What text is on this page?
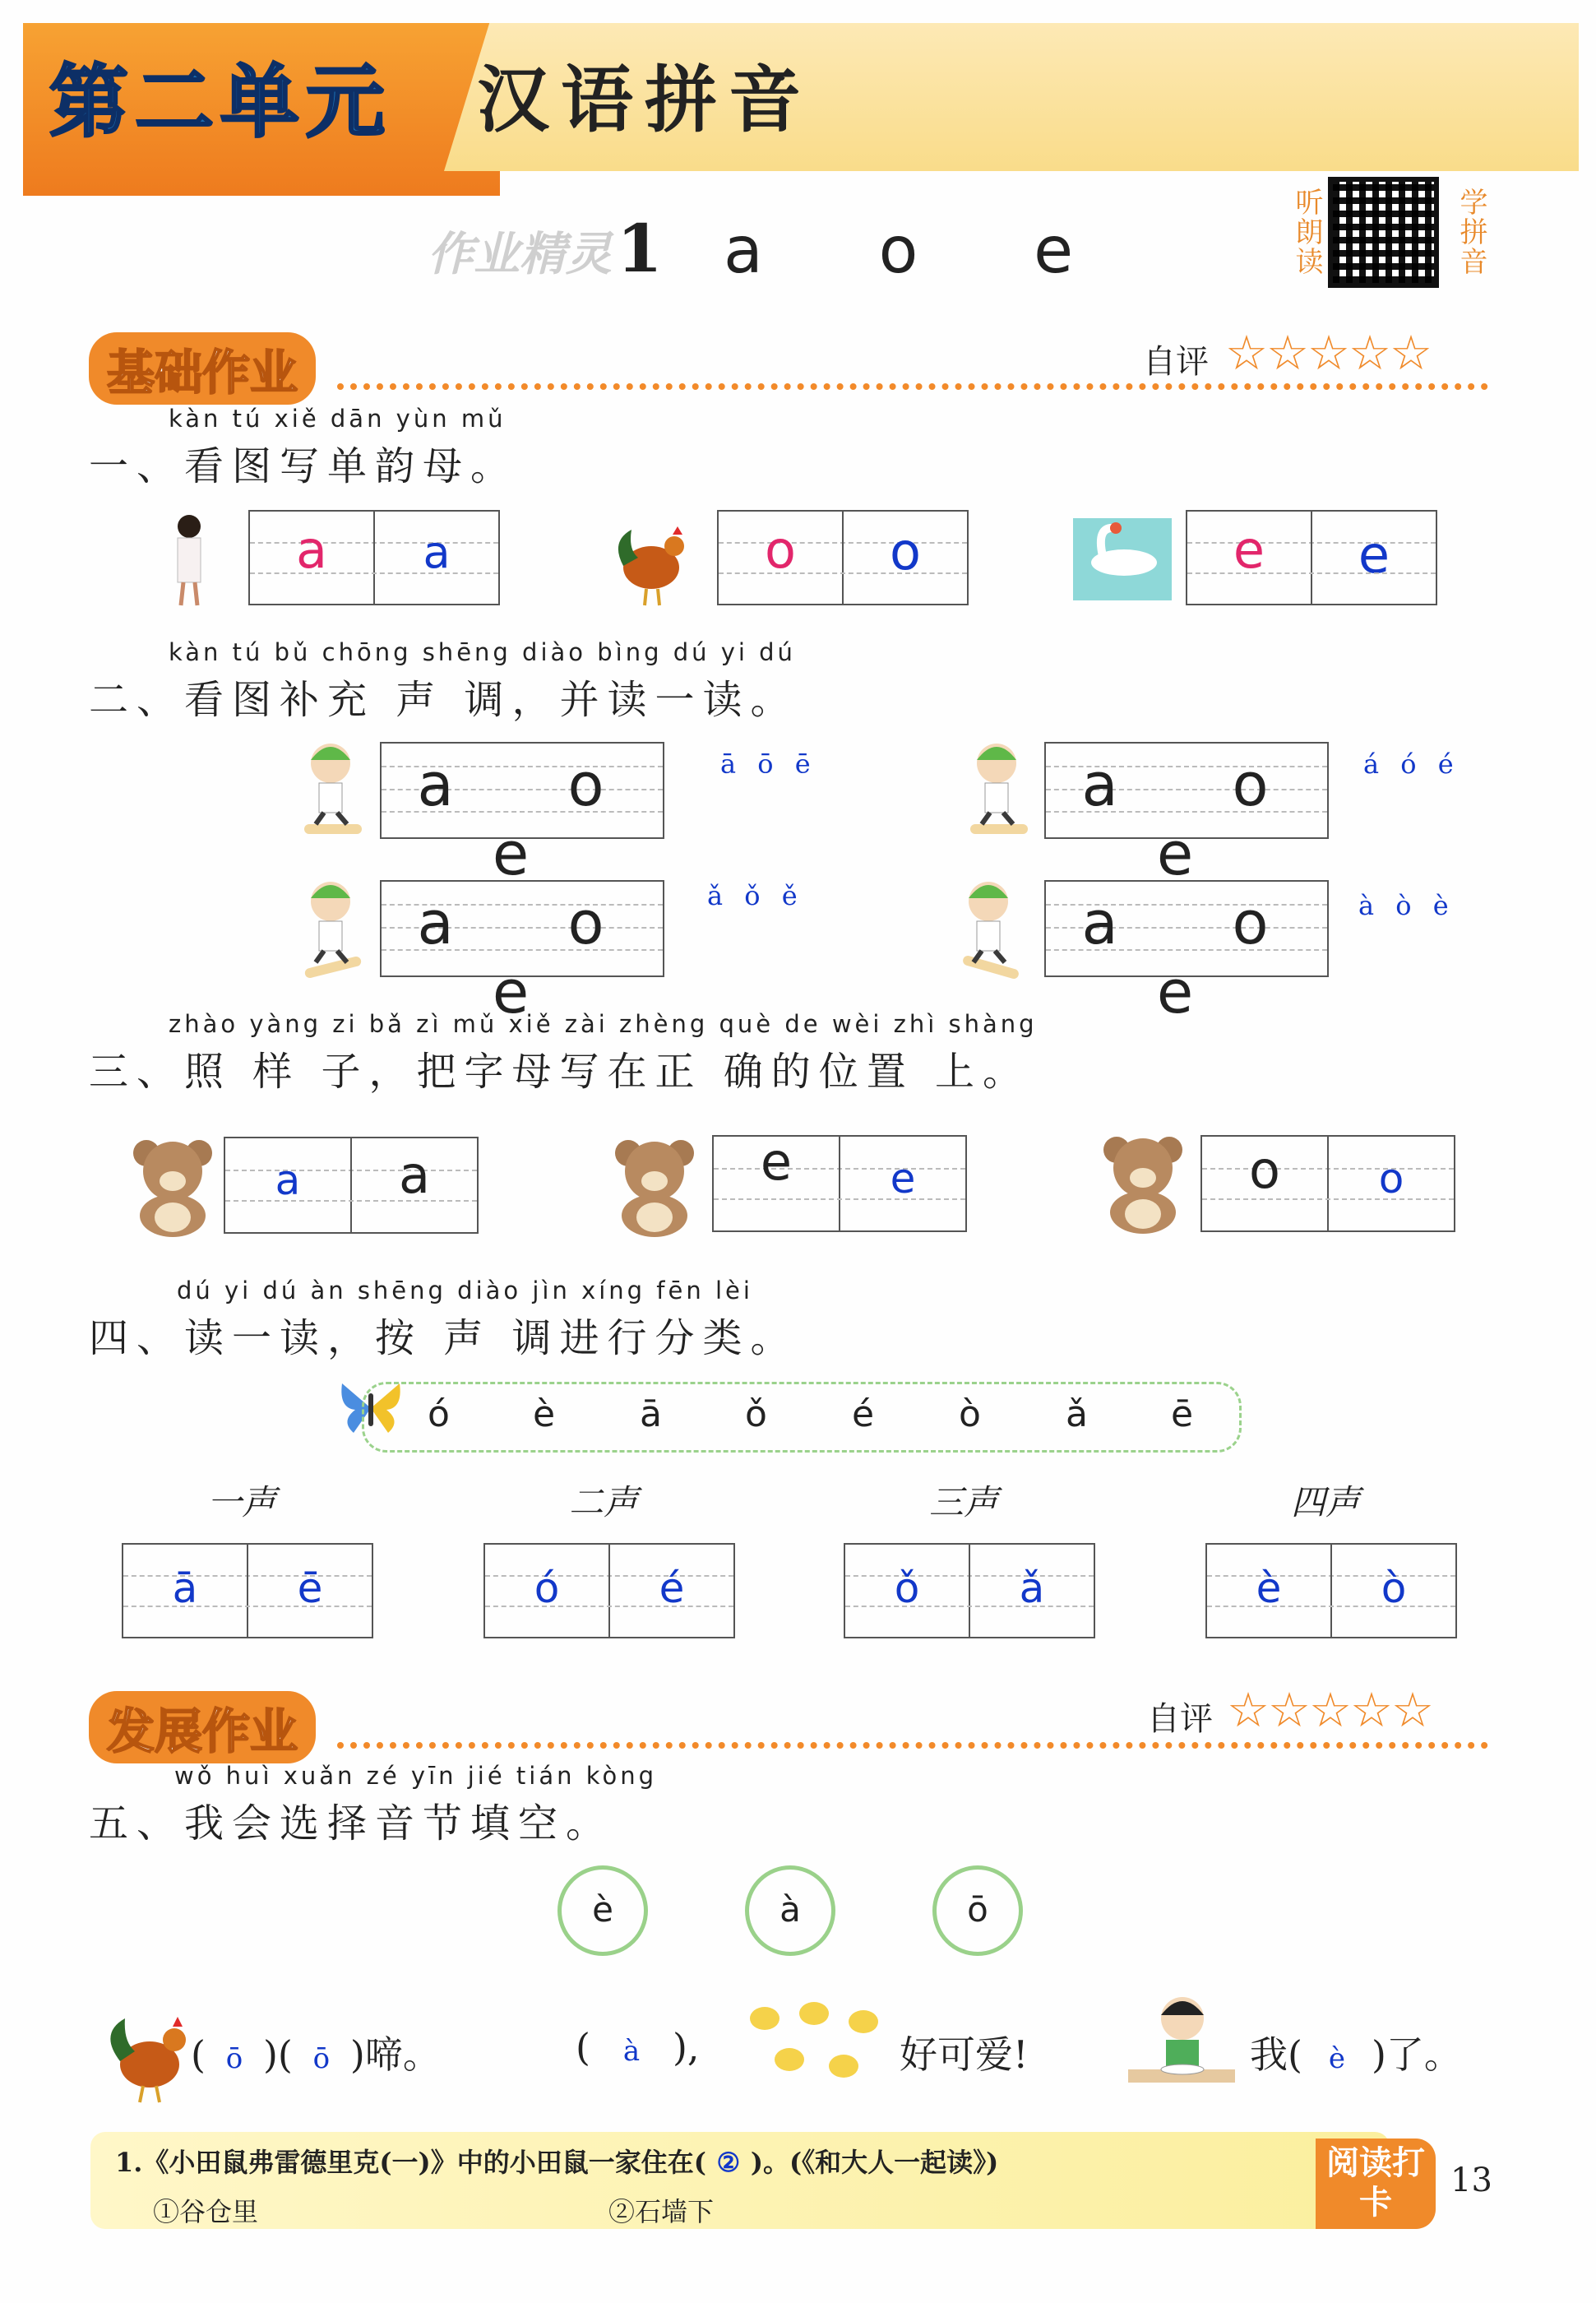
第二单元 汉语拼音
作业精灵 1 a o e	听朗读	学拼音
基础作业	自评 ☆☆☆☆☆
kàn tú xiě dān yùn mǔ
一、看图写单韵母。
a	a	o	o	e	e
kàn tú bǔ chōng shēng diào bìng dú yi dú
二、看图补充 声 调，并读一读。
a o e
ā ō ē	a o e
á ó é
a o e
ǎ ǒ ě	a o e
à ò è
zhào yàng zi bǎ zì mǔ xiě zài zhèng què de wèi zhì shàng
三、照 样 子，把字母写在正 确的位置 上。
a	a	e	e	o	o
dú yi dú àn shēng diào jìn xíng fēn lèi
四、读一读，按 声 调进行分类。
ó è ā ǒ é ò ǎ ē
一声	二声	三声	四声
ā	ē	ó	é	ǒ	ǎ	è	ò
发展作业	自评 ☆☆☆☆☆
wǒ huì xuǎn zé yīn jié tián kòng
五、我会选择音节填空。
è	à	ō
( ō )( ō )啼。	( à ),	好可爱!	我( è )了。
1.《小田鼠弗雷德里克(一)》中的小田鼠一家住在( ② )。(《和大人一起读》)
①谷仓里	②石墙下
阅读打卡
13
